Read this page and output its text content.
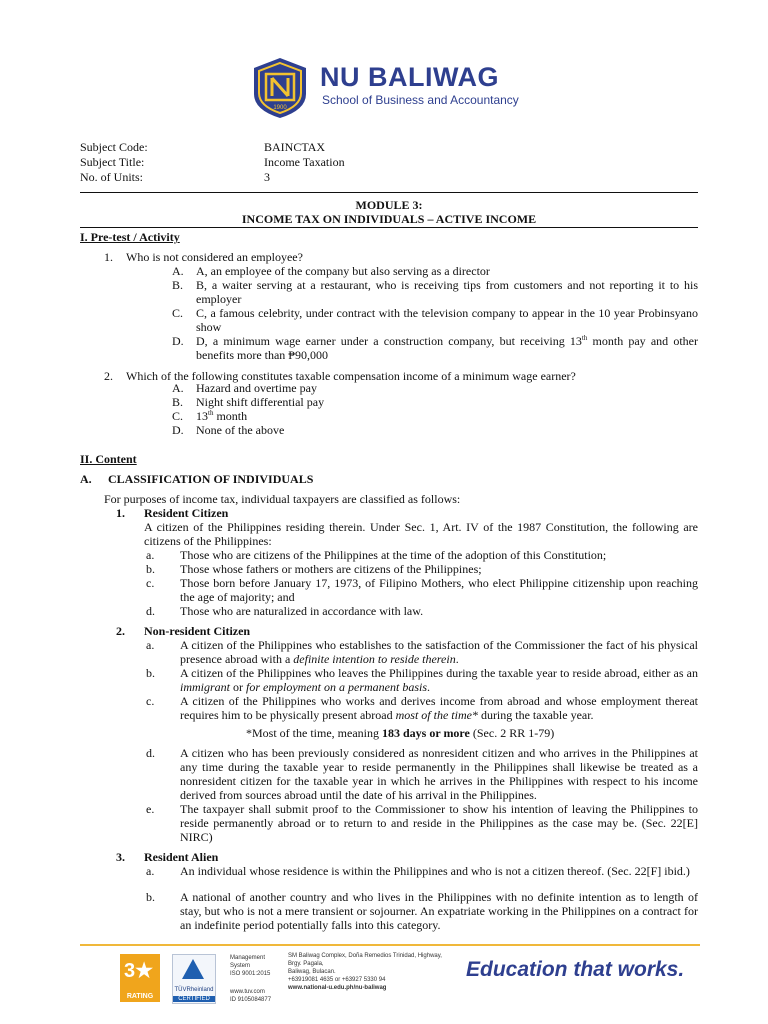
1900
NU BALIWAG
School of Business and Accountancy
Subject Code:	BAINCTAX
Subject Title:	Income Taxation
No. of Units:	3
MODULE 3:
INCOME TAX ON INDIVIDUALS – ACTIVE INCOME
I. Pre-test / Activity
1.	Who is not considered an employee?
A.	A, an employee of the company but also serving as a director
B.	B, a waiter serving at a restaurant, who is receiving tips from customers and not reporting it to his employer
C.	C, a famous celebrity, under contract with the television company to appear in the 10 year Probinsyano show
D.	D, a minimum wage earner under a construction company, but receiving 13th month pay and other benefits more than ₱90,000
2.	Which of the following constitutes taxable compensation income of a minimum wage earner?
A.	Hazard and overtime pay
B.	Night shift differential pay
C.	13th month
D.	None of the above
II. Content
A.	CLASSIFICATION OF INDIVIDUALS
For purposes of income tax, individual taxpayers are classified as follows:
1.	Resident Citizen
A citizen of the Philippines residing therein. Under Sec. 1, Art. IV of the 1987 Constitution, the following are citizens of the Philippines:
a.	Those who are citizens of the Philippines at the time of the adoption of this Constitution;
b.	Those whose fathers or mothers are citizens of the Philippines;
c.	Those born before January 17, 1973, of Filipino Mothers, who elect Philippine citizenship upon reaching the age of majority; and
d.	Those who are naturalized in accordance with law.
2.	Non-resident Citizen
a.	A citizen of the Philippines who establishes to the satisfaction of the Commissioner the fact of his physical presence abroad with a definite intention to reside therein.
b.	A citizen of the Philippines who leaves the Philippines during the taxable year to reside abroad, either as an immigrant or for employment on a permanent basis.
c.	A citizen of the Philippines who works and derives income from abroad and whose employment thereat requires him to be physically present abroad most of the time* during the taxable year.
*Most of the time, meaning 183 days or more (Sec. 2 RR 1-79)
d.	A citizen who has been previously considered as nonresident citizen and who arrives in the Philippines at any time during the taxable year to reside permanently in the Philippines shall likewise be treated as a nonresident citizen for the taxable year in which he arrives in the Philippines with respect to his income derived from sources abroad until the date of his arrival in the Philippines.
e.	The taxpayer shall submit proof to the Commissioner to show his intention of leaving the Philippines to reside permanently abroad or to return to and reside in the Philippines as the case may be. (Sec. 22[E] NIRC)
3.	Resident Alien
a.	An individual whose residence is within the Philippines and who is not a citizen thereof. (Sec. 22[F] ibid.)
b.	A national of another country and who lives in the Philippines with no definite intention as to length of stay, but who is not a mere transient or sojourner. An expatriate working in the Philippines on a contract for an indefinite period potentially falls into this category.
3★
RATING
TÜVRheinland
CERTIFIED
Management
System
ISO 9001:2015
www.tuv.com
ID 9105084877
SM Baliwag Complex, Doña Remedios Trinidad, Highway,
Brgy. Pagala,
Baliwag, Bulacan.
+63919081 4635 or +63927 5330 94
www.national-u.edu.ph/nu-baliwag
Education that works.
